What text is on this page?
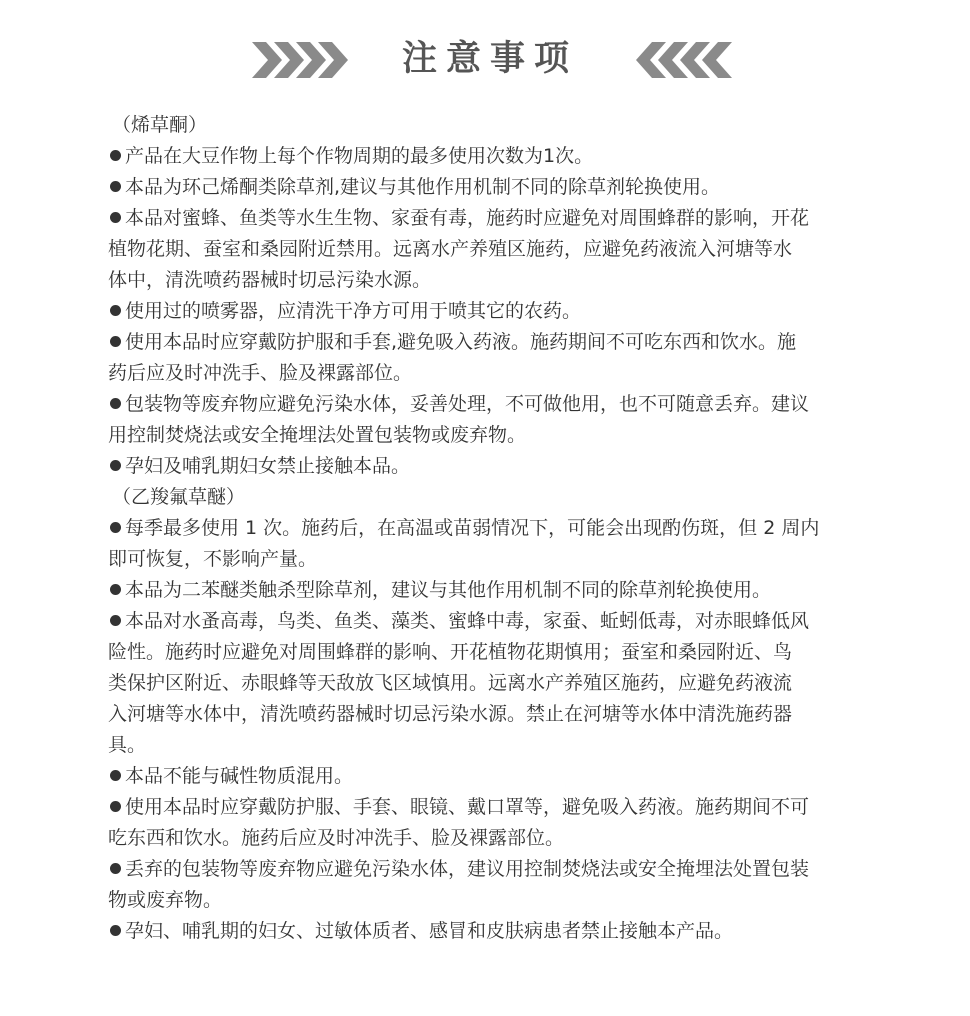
注意事项
（烯草酮）
产品在大豆作物上每个作物周期的最多使用次数为1次。
本品为环己烯酮类除草剂,建议与其他作用机制不同的除草剂轮换使用。
本品对蜜蜂、鱼类等水生生物、家蚕有毒，施药时应避免对周围蜂群的影响，开花
植物花期、蚕室和桑园附近禁用。远离水产养殖区施药，应避免药液流入河塘等水
体中，清洗喷药器械时切忌污染水源。
使用过的喷雾器，应清洗干净方可用于喷其它的农药。
使用本品时应穿戴防护服和手套,避免吸入药液。施药期间不可吃东西和饮水。施
药后应及时冲洗手、脸及裸露部位。
包装物等废弃物应避免污染水体，妥善处理，不可做他用，也不可随意丢弃。建议
用控制焚烧法或安全掩埋法处置包装物或废弃物。
孕妇及哺乳期妇女禁止接触本品。
（乙羧氟草醚）
每季最多使用 1 次。施药后，在高温或苗弱情况下，可能会出现酌伤斑，但 2 周内
即可恢复，不影响产量。
本品为二苯醚类触杀型除草剂，建议与其他作用机制不同的除草剂轮换使用。
本品对水蚤高毒，鸟类、鱼类、藻类、蜜蜂中毒，家蚕、蚯蚓低毒，对赤眼蜂低风
险性。施药时应避免对周围蜂群的影响、开花植物花期慎用；蚕室和桑园附近、鸟
类保护区附近、赤眼蜂等天敌放飞区域慎用。远离水产养殖区施药，应避免药液流
入河塘等水体中，清洗喷药器械时切忌污染水源。禁止在河塘等水体中清洗施药器
具。
本品不能与碱性物质混用。
使用本品时应穿戴防护服、手套、眼镜、戴口罩等，避免吸入药液。施药期间不可
吃东西和饮水。施药后应及时冲洗手、脸及裸露部位。
丢弃的包装物等废弃物应避免污染水体，建议用控制焚烧法或安全掩埋法处置包装
物或废弃物。
孕妇、哺乳期的妇女、过敏体质者、感冒和皮肤病患者禁止接触本产品。
